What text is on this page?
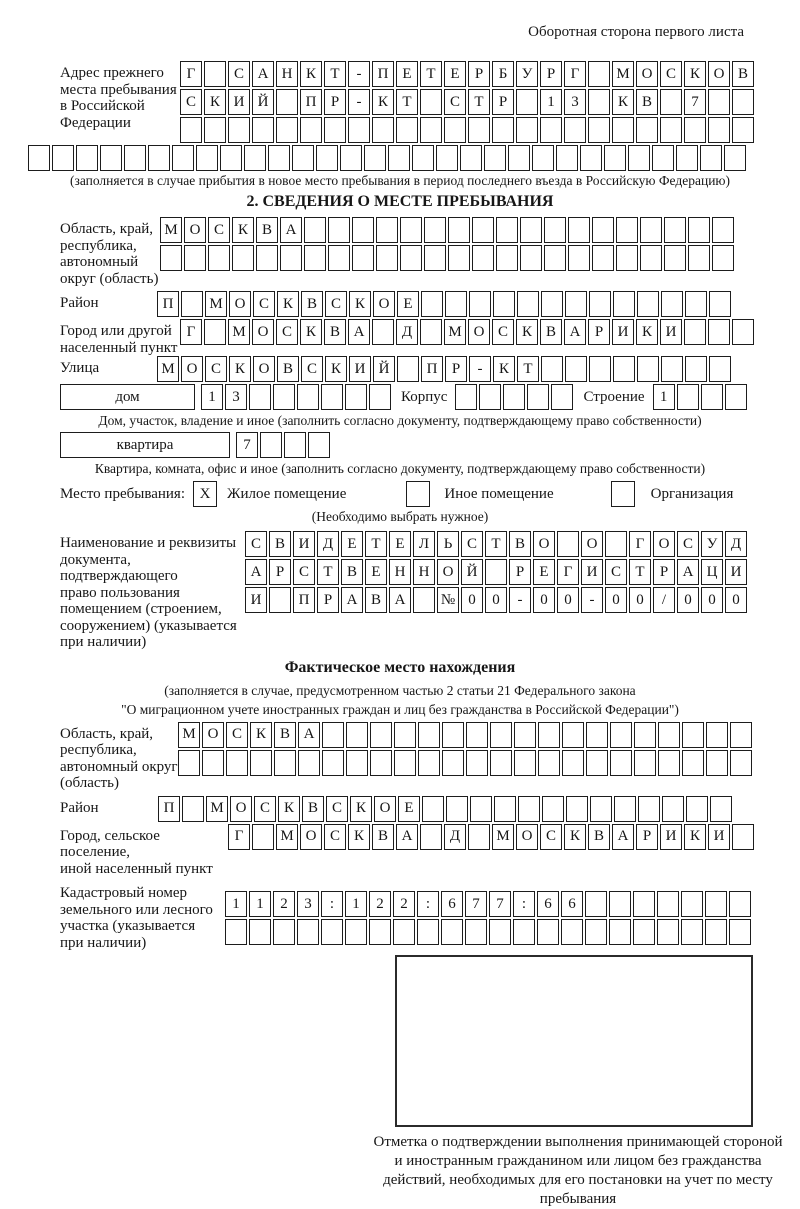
Оборотная сторона первого листа
Адрес прежнего
места пребывания
в Российской
Федерации
Г	С А Н К Т	-	П Е Т Е	Р	Б У Р	Г	М О С К О В
С К И Й	П Р	-	К Т	С Т	Р	1	3	К В	7
(заполняется в случае прибытия в новое место пребывания в период последнего въезда в Российскую Федерацию)
2. СВЕДЕНИЯ О МЕСТЕ ПРЕБЫВАНИЯ
Область, край,
республика,
автономный
округ (область)
М О С К В А
Район	П	М О С К В С К О Е
Город или другой
населенный пункт
Г	М О С К В А	Д	М О С К В А Р И К И
Улица	М О С К О В С К И Й	П Р	-	К Т
дом	1	3	Корпус	Строение	1
Дом, участок, владение и иное (заполнить согласно документу, подтверждающему право собственности)
квартира	7
Квартира, комната, офис и иное (заполнить согласно документу, подтверждающему право собственности)
Место пребывания: X	Жилое помещение	Иное помещение	Организация
(Необходимо выбрать нужное)
Наименование и реквизиты
документа, подтверждающего
право пользования
помещением (строением,
сооружением) (указывается
при наличии)
С В И Д Е Т Е Л Ь С Т В О	О	Г О С У Д
А Р С Т В Е Н Н О Й	Р	Е	Г И С Т	Р А Ц И
И	П Р А В А	№ 0	0	-	0	0	-	0	0	/	0	0	0
Фактическое место нахождения
(заполняется в случае, предусмотренном частью 2 статьи 21 Федерального закона
"О миграционном учете иностранных граждан и лиц без гражданства в Российской Федерации")
Область, край,
республика,
автономный округ
(область)
М О С К В А
Район	П	М О С К В С К О Е
Город, сельское поселение,
иной населенный пункт
Г	М О С К В А	Д	М О С К В А Р И К И
Кадастровый номер
земельного или лесного
участка (указывается
при наличии)
1	1	2	3	:	1	2	2	:	6	7	7	:	6	6
Отметка о подтверждении выполнения принимающей стороной и иностранным гражданином или лицом без гражданства действий, необходимых для его постановки на учет по месту пребывания
